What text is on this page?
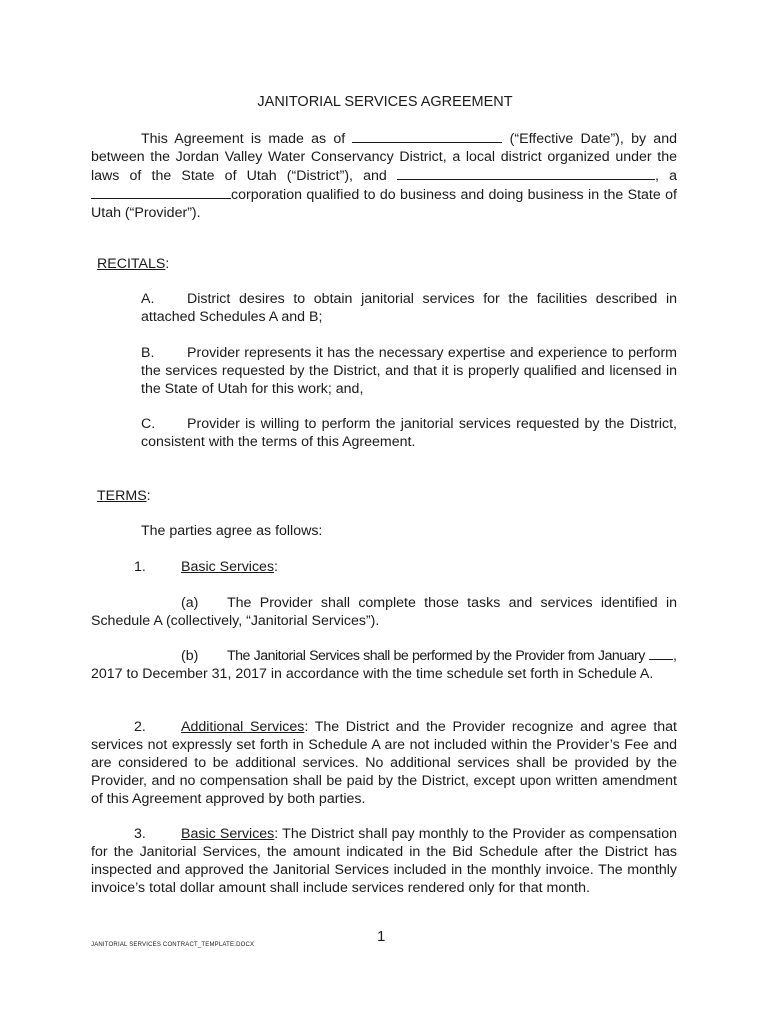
JANITORIAL SERVICES AGREEMENT
This Agreement is made as of	(“Effective Date”), by and between the Jordan Valley Water Conservancy District, a local district organized under the laws of the State of Utah (“District”), and	, a corporation qualified to do business and doing business in the State of Utah (“Provider”).
RECITALS:
A. District desires to obtain janitorial services for the facilities described in attached Schedules A and B;
B. Provider represents it has the necessary expertise and experience to perform the services requested by the District, and that it is properly qualified and licensed in the State of Utah for this work; and,
C. Provider is willing to perform the janitorial services requested by the District, consistent with the terms of this Agreement.
TERMS:
The parties agree as follows:
1. Basic Services:
(a) The Provider shall complete those tasks and services identified in Schedule A (collectively, “Janitorial Services”).
(b) The Janitorial Services shall be performed by the Provider from January , 2017 to December 31, 2017 in accordance with the time schedule set forth in Schedule A.
2. Additional Services: The District and the Provider recognize and agree that services not expressly set forth in Schedule A are not included within the Provider’s Fee and are considered to be additional services. No additional services shall be provided by the Provider, and no compensation shall be paid by the District, except upon written amendment of this Agreement approved by both parties.
3. Basic Services: The District shall pay monthly to the Provider as compensation for the Janitorial Services, the amount indicated in the Bid Schedule after the District has inspected and approved the Janitorial Services included in the monthly invoice. The monthly invoice’s total dollar amount shall include services rendered only for that month.
1
JANITORIAL SERVICES CONTRACT_TEMPLATE.DOCX
